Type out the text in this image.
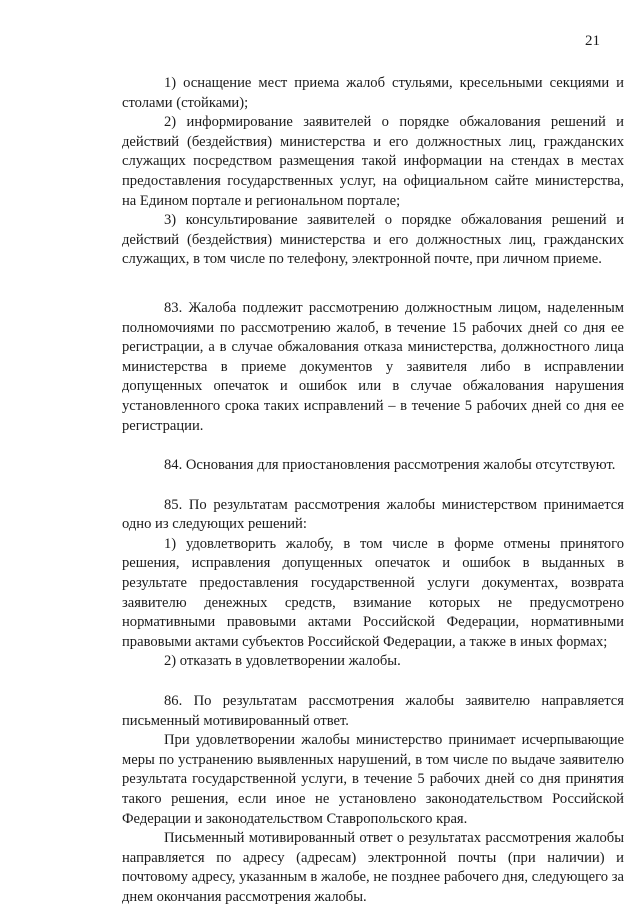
21

1) оснащение мест приема жалоб стульями, кресельными секциями и столами (стойками);

2) информирование заявителей о порядке обжалования решений и действий (бездействия) министерства и его должностных лиц, гражданских служащих посредством размещения такой информации на стендах в местах предоставления государственных услуг, на официальном сайте министерства, на Едином портале и региональном портале;

3) консультирование заявителей о порядке обжалования решений и действий (бездействия) министерства и его должностных лиц, гражданских служащих, в том числе по телефону, электронной почте, при личном приеме.

83. Жалоба подлежит рассмотрению должностным лицом, наделенным полномочиями по рассмотрению жалоб, в течение 15 рабочих дней со дня ее регистрации, а в случае обжалования отказа министерства, должностного лица министерства в приеме документов у заявителя либо в исправлении допущенных опечаток и ошибок или в случае обжалования нарушения установленного срока таких исправлений – в течение 5 рабочих дней со дня ее регистрации.

84. Основания для приостановления рассмотрения жалобы отсутствуют.

85. По результатам рассмотрения жалобы министерством принимается одно из следующих решений:

1) удовлетворить жалобу, в том числе в форме отмены принятого решения, исправления допущенных опечаток и ошибок в выданных в результате предоставления государственной услуги документах, возврата заявителю денежных средств, взимание которых не предусмотрено нормативными правовыми актами Российской Федерации, нормативными правовыми актами субъектов Российской Федерации, а также в иных формах;

2) отказать в удовлетворении жалобы.

86. По результатам рассмотрения жалобы заявителю направляется письменный мотивированный ответ.

При удовлетворении жалобы министерство принимает исчерпывающие меры по устранению выявленных нарушений, в том числе по выдаче заявителю результата государственной услуги, в течение 5 рабочих дней со дня принятия такого решения, если иное не установлено законодательством Российской Федерации и законодательством Ставропольского края.

Письменный мотивированный ответ о результатах рассмотрения жалобы направляется по адресу (адресам) электронной почты (при наличии) и почтовому адресу, указанным в жалобе, не позднее рабочего дня, следующего за днем окончания рассмотрения жалобы.
